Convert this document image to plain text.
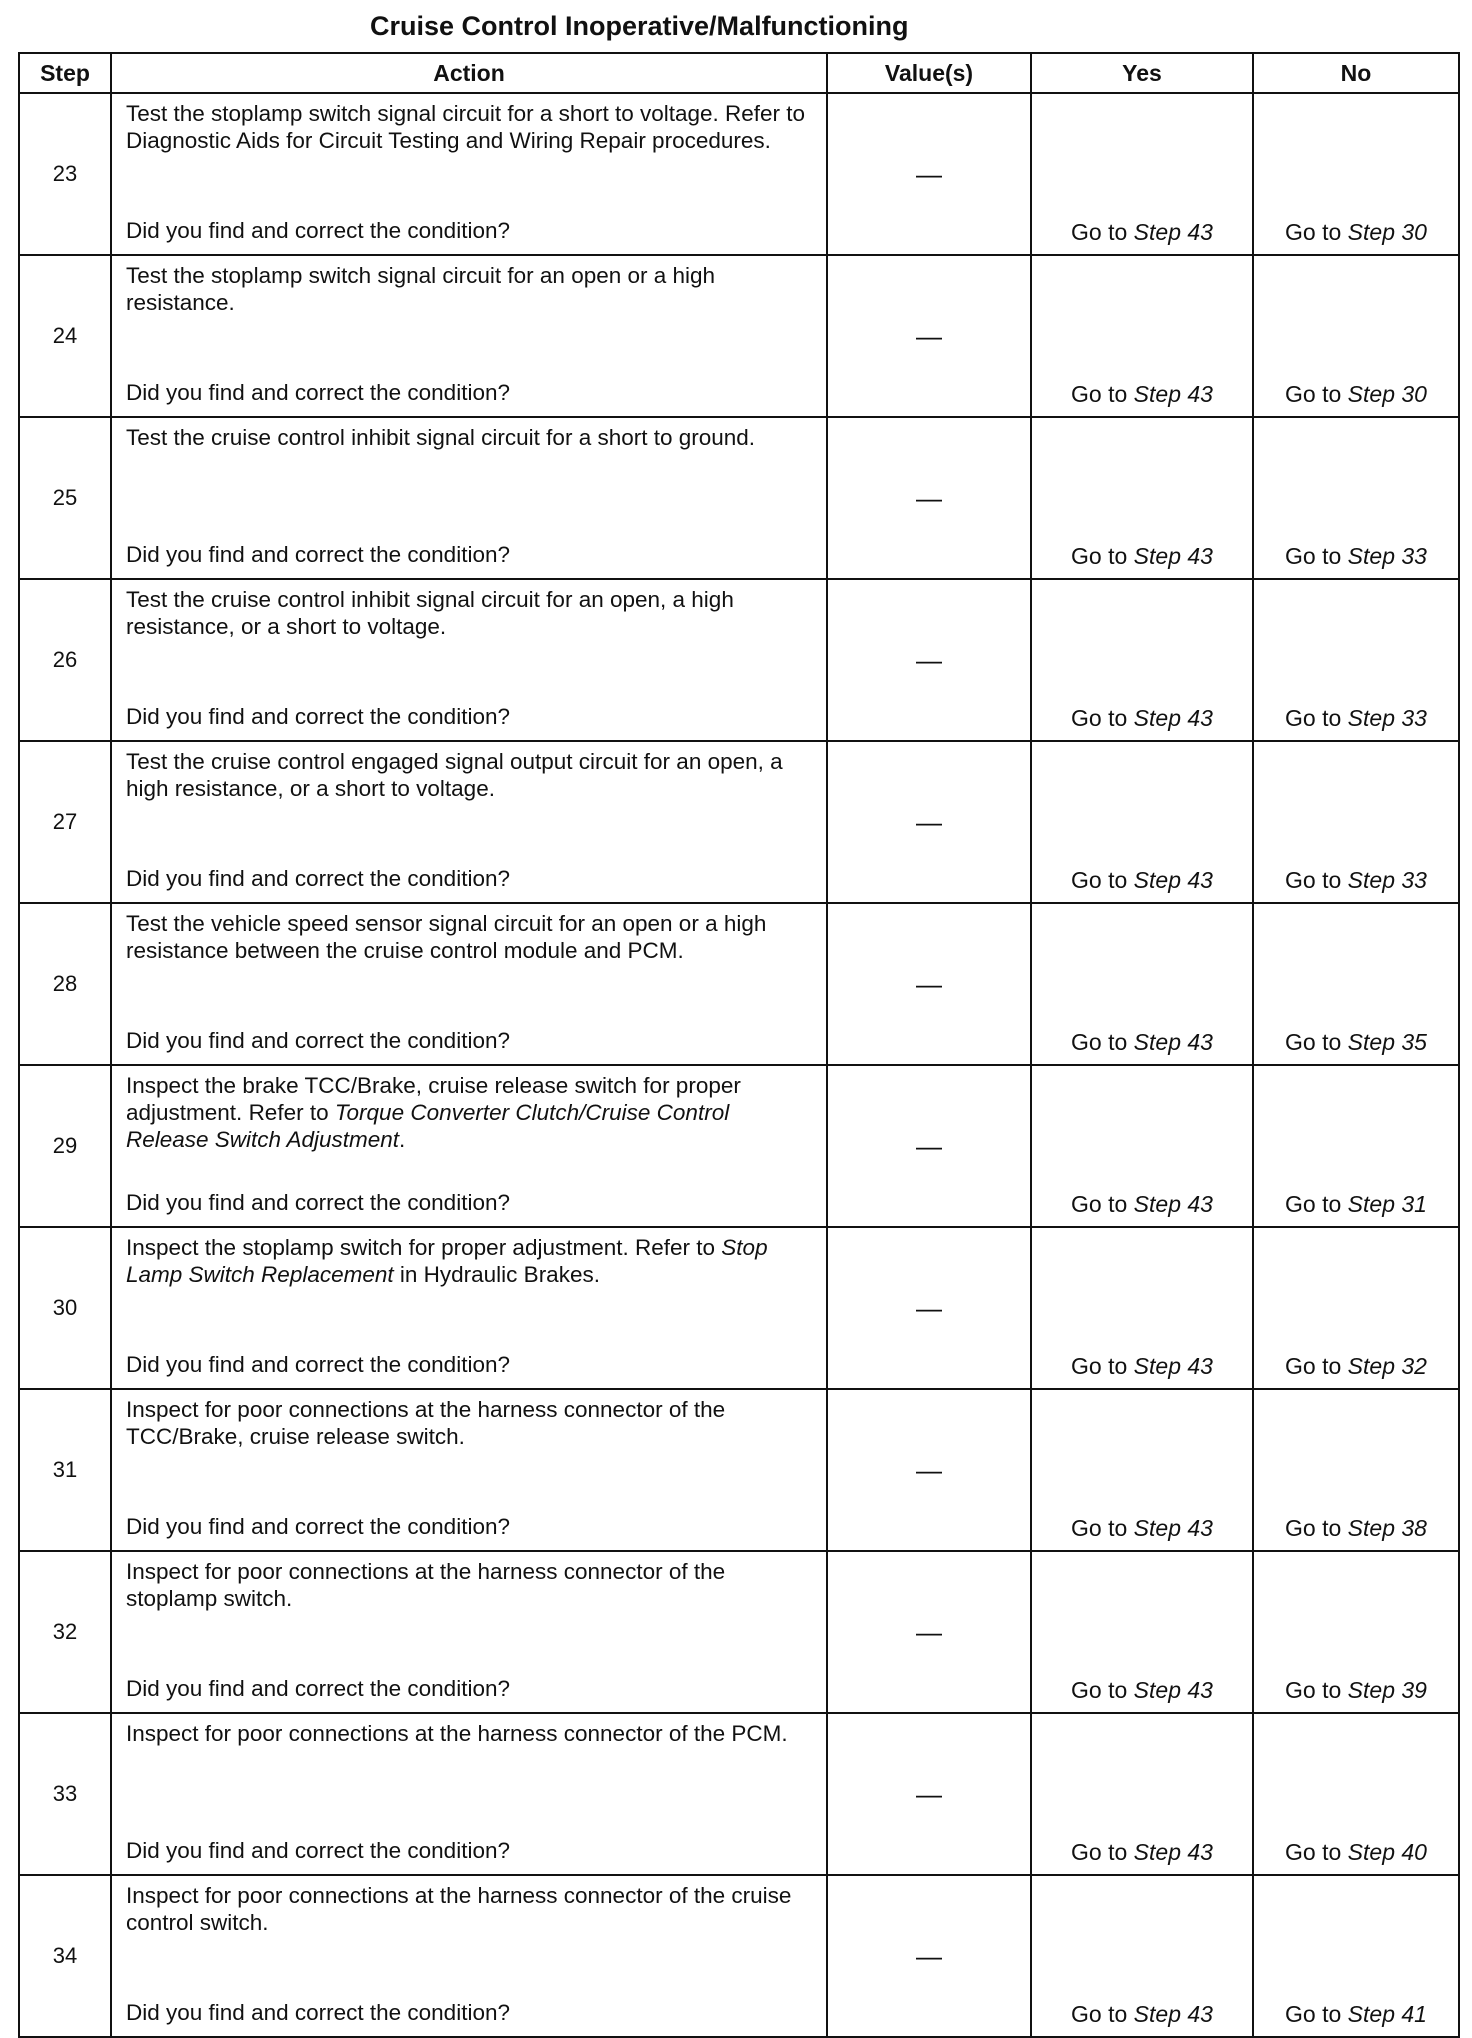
Cruise Control Inoperative/Malfunctioning
Step	Action	Value(s)	Yes	No
23	Test the stoplamp switch signal circuit for a short to voltage. Refer to Diagnostic Aids for Circuit Testing and Wiring Repair procedures.
Did you find and correct the condition?	—	Go to Step 43	Go to Step 30

24	Test the stoplamp switch signal circuit for an open or a high resistance.
Did you find and correct the condition?	—	Go to Step 43	Go to Step 30

25	Test the cruise control inhibit signal circuit for a short to ground.
Did you find and correct the condition?	—	Go to Step 43	Go to Step 33

26	Test the cruise control inhibit signal circuit for an open, a high resistance, or a short to voltage.
Did you find and correct the condition?	—	Go to Step 43	Go to Step 33

27	Test the cruise control engaged signal output circuit for an open, a high resistance, or a short to voltage.
Did you find and correct the condition?	—	Go to Step 43	Go to Step 33

28	Test the vehicle speed sensor signal circuit for an open or a high resistance between the cruise control module and PCM.
Did you find and correct the condition?	—	Go to Step 43	Go to Step 35

29	Inspect the brake TCC/Brake, cruise release switch for proper adjustment. Refer to Torque Converter Clutch/Cruise Control Release Switch Adjustment.
Did you find and correct the condition?	—	Go to Step 43	Go to Step 31

30	Inspect the stoplamp switch for proper adjustment. Refer to Stop Lamp Switch Replacement in Hydraulic Brakes.
Did you find and correct the condition?	—	Go to Step 43	Go to Step 32

31	Inspect for poor connections at the harness connector of the TCC/Brake, cruise release switch.
Did you find and correct the condition?	—	Go to Step 43	Go to Step 38

32	Inspect for poor connections at the harness connector of the stoplamp switch.
Did you find and correct the condition?	—	Go to Step 43	Go to Step 39

33	Inspect for poor connections at the harness connector of the PCM.
Did you find and correct the condition?	—	Go to Step 43	Go to Step 40

34	Inspect for poor connections at the harness connector of the cruise control switch.
Did you find and correct the condition?	—	Go to Step 43	Go to Step 41
